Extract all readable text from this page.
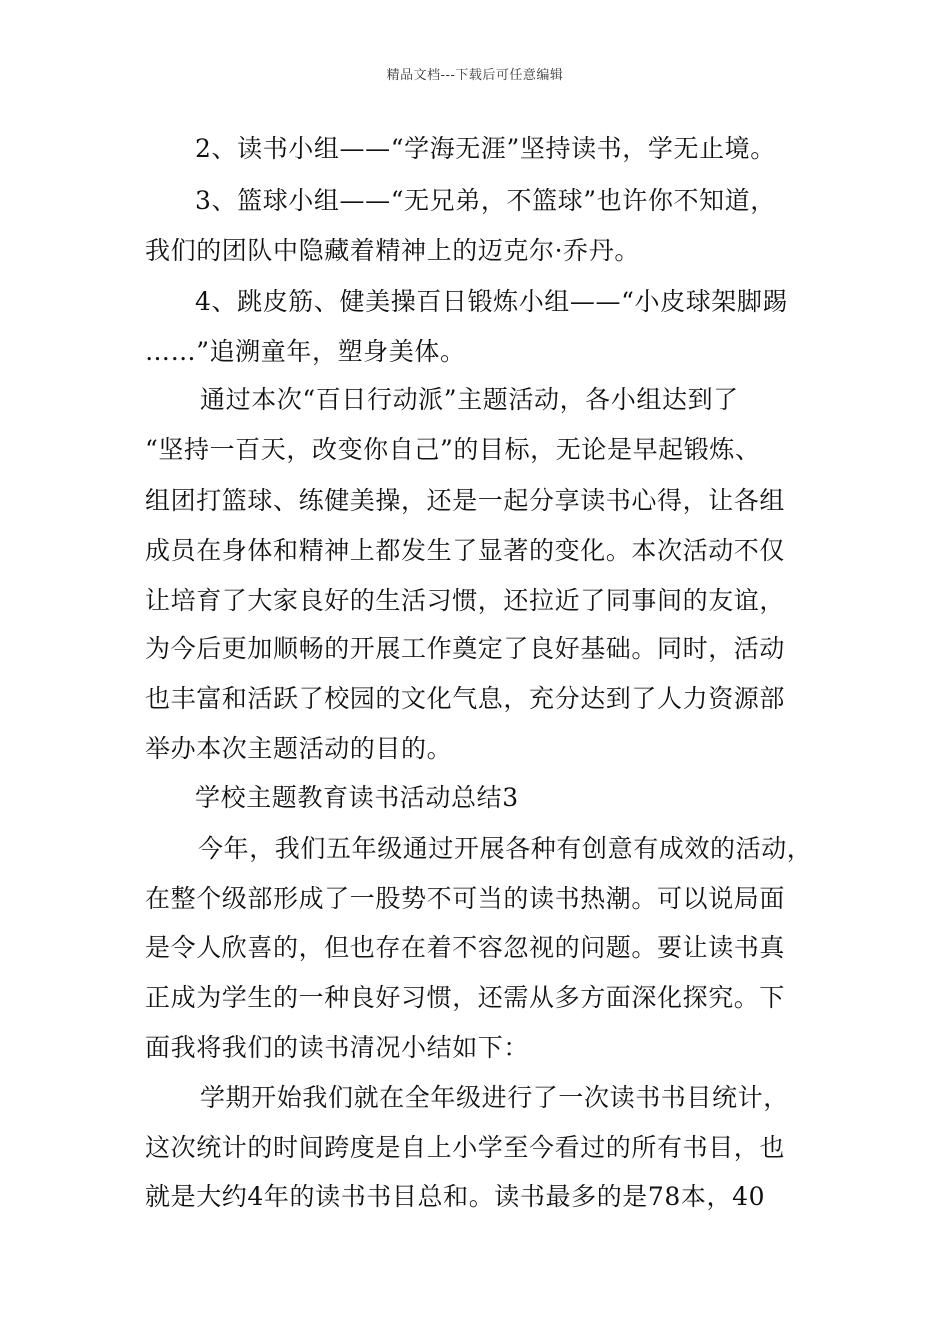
精品文档---下载后可任意编辑
2、读书小组——“学海无涯”坚持读书，学无止境。
3、篮球小组——“无兄弟，不篮球”也许你不知道，
我们的团队中隐藏着精神上的迈克尔·乔丹。
4、跳皮筋、健美操百日锻炼小组——“小皮球架脚踢
……”追溯童年，塑身美体。
通过本次“百日行动派”主题活动，各小组达到了
“坚持一百天，改变你自己”的目标，无论是早起锻炼、
组团打篮球、练健美操，还是一起分享读书心得，让各组
成员在身体和精神上都发生了显著的变化。本次活动不仅
让培育了大家良好的生活习惯，还拉近了同事间的友谊，
为今后更加顺畅的开展工作奠定了良好基础。同时，活动
也丰富和活跃了校园的文化气息，充分达到了人力资源部
举办本次主题活动的目的。
学校主题教育读书活动总结3
今年，我们五年级通过开展各种有创意有成效的活动，
在整个级部形成了一股势不可当的读书热潮。可以说局面
是令人欣喜的，但也存在着不容忽视的问题。要让读书真
正成为学生的一种良好习惯，还需从多方面深化探究。下
面我将我们的读书清况小结如下：
学期开始我们就在全年级进行了一次读书书目统计，
这次统计的时间跨度是自上小学至今看过的所有书目，也
就是大约4年的读书书目总和。读书最多的是78本，40
